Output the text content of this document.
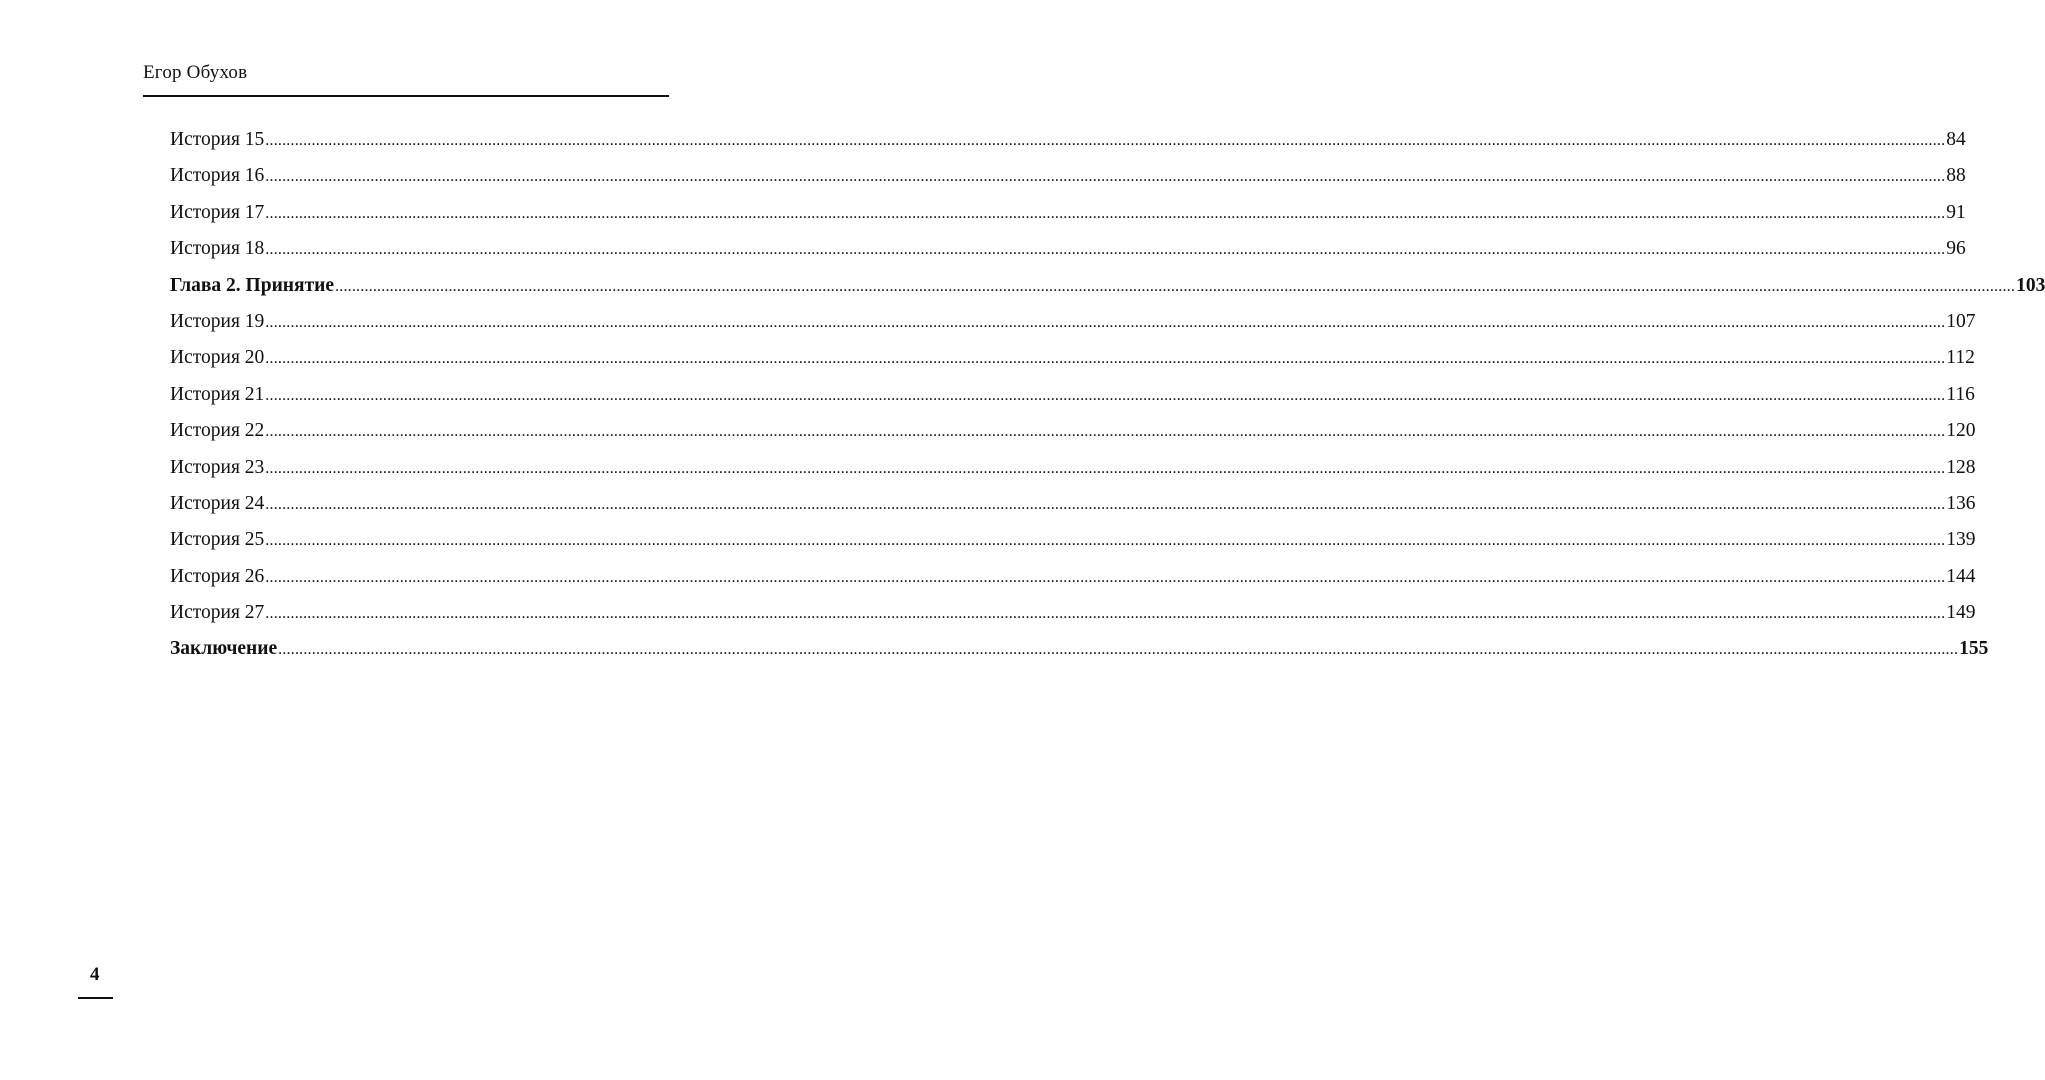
Егор Обухов
История 15 ................................................................................................................................................................................................................................................................................................................................................................................................................ 84
История 16 ................................................................................................................................................................................................................................................................................................................................................................................................................ 88
История 17 ................................................................................................................................................................................................................................................................................................................................................................................................................ 91
История 18 ................................................................................................................................................................................................................................................................................................................................................................................................................ 96
Глава 2. Принятие ................................................................................................................................................................................................................................................................................................................................................................................................................ 103
История 19 ................................................................................................................................................................................................................................................................................................................................................................................................................ 107
История 20 ................................................................................................................................................................................................................................................................................................................................................................................................................ 112
История 21 ................................................................................................................................................................................................................................................................................................................................................................................................................ 116
История 22 ................................................................................................................................................................................................................................................................................................................................................................................................................ 120
История 23 ................................................................................................................................................................................................................................................................................................................................................................................................................ 128
История 24 ................................................................................................................................................................................................................................................................................................................................................................................................................ 136
История 25 ................................................................................................................................................................................................................................................................................................................................................................................................................ 139
История 26 ................................................................................................................................................................................................................................................................................................................................................................................................................ 144
История 27 ................................................................................................................................................................................................................................................................................................................................................................................................................ 149
Заключение ................................................................................................................................................................................................................................................................................................................................................................................................................ 155
4
